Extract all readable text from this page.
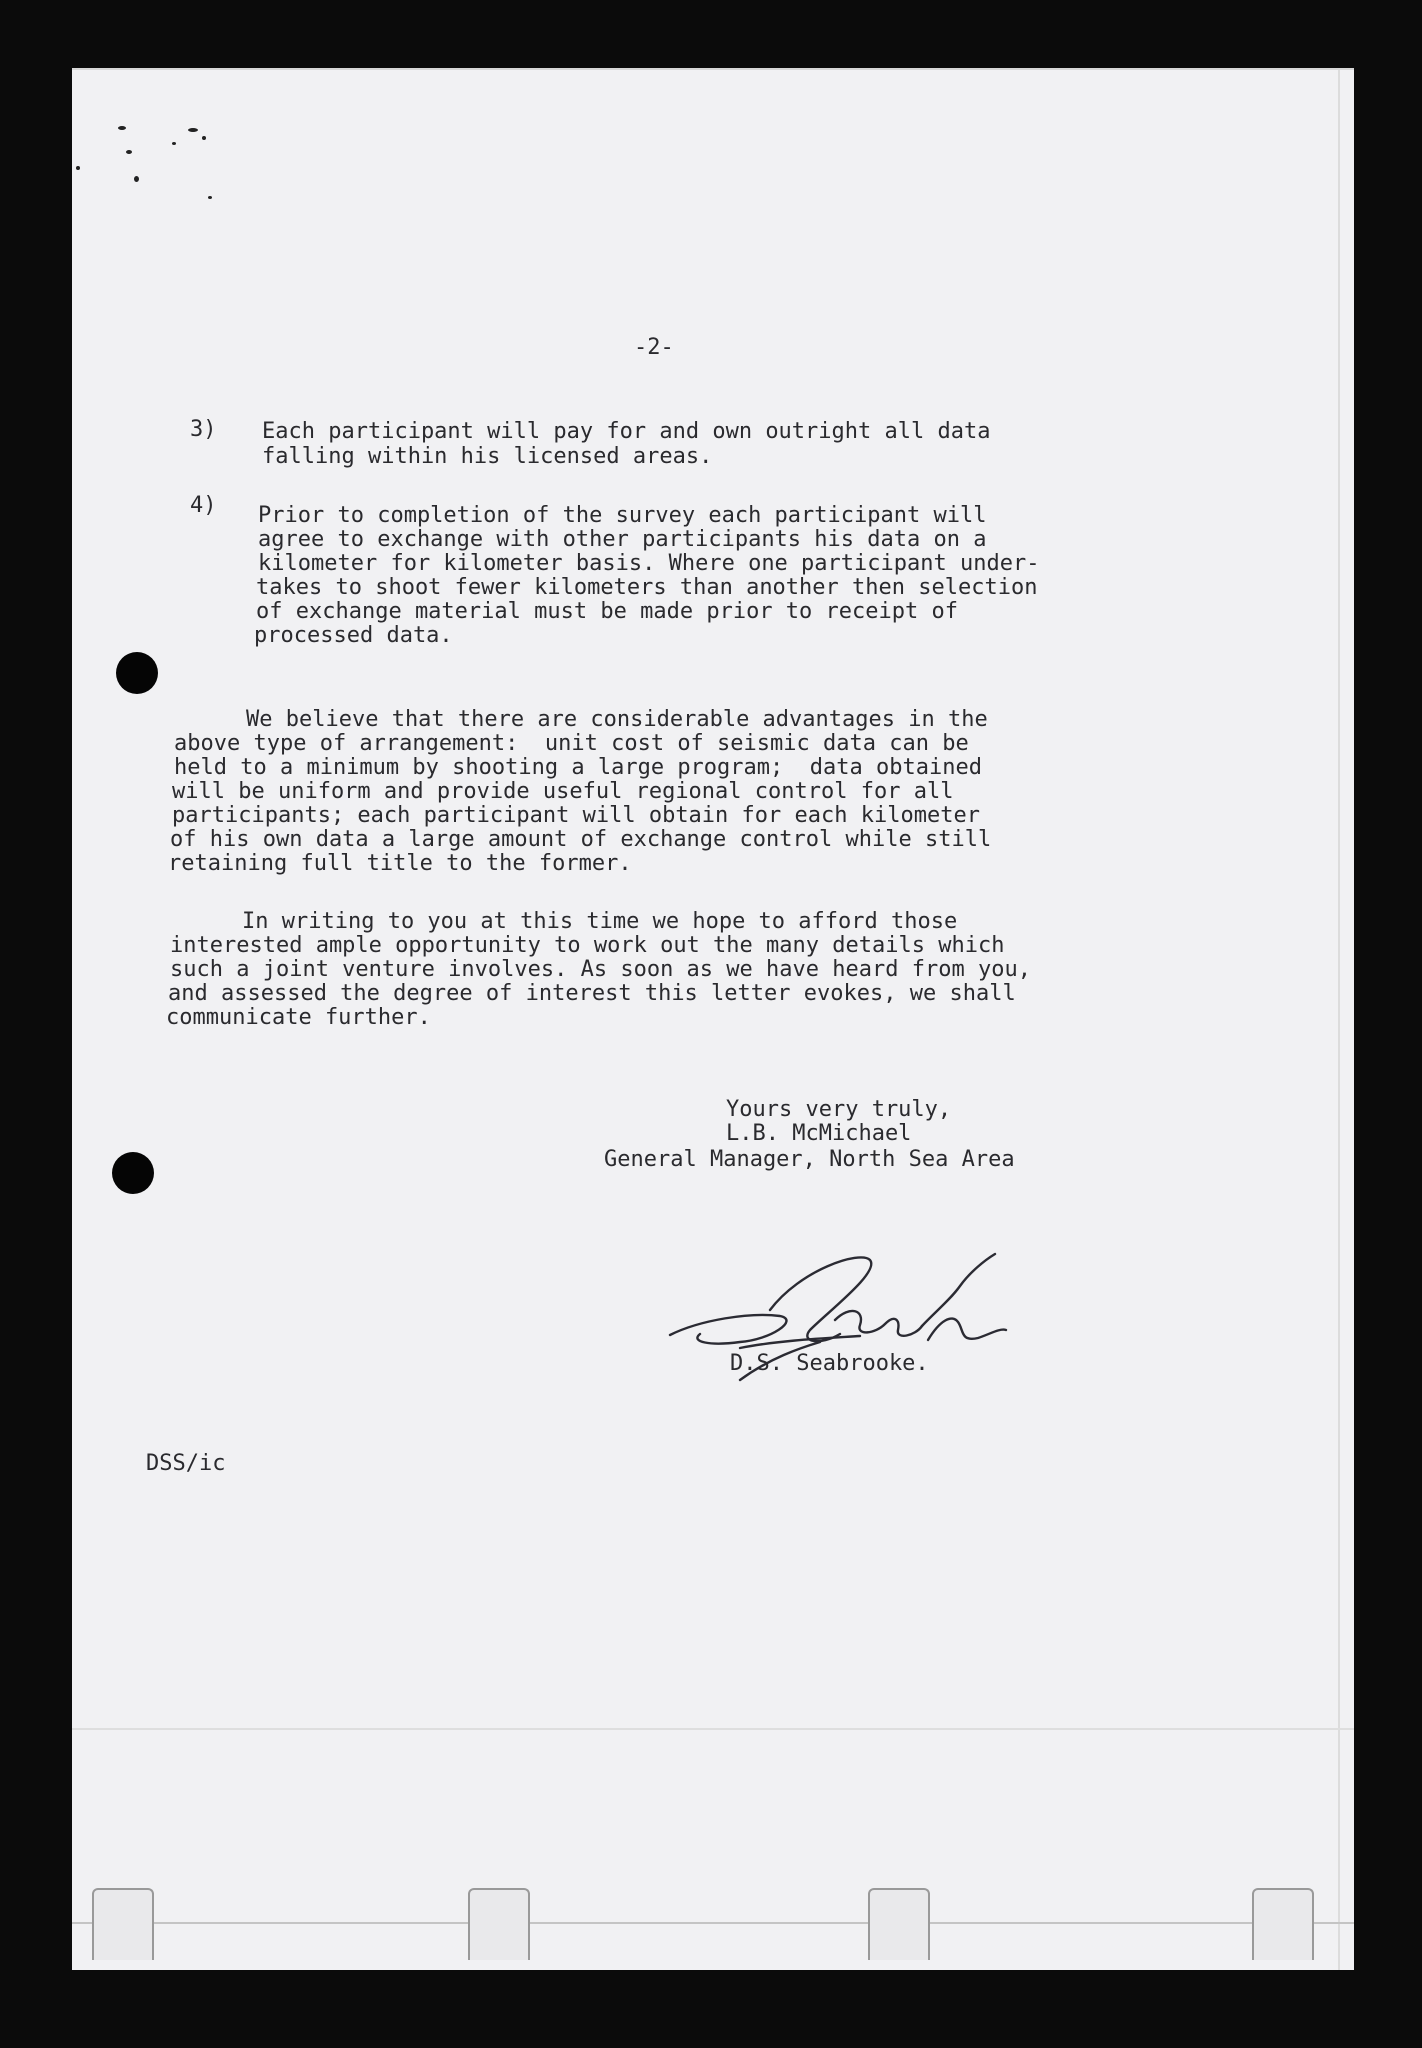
-2-

3) Each participant will pay for and own outright all data

falling within his licensed areas.

4) Prior to completion of the survey each participant will

agree to exchange with other participants his data on a

kilometer for kilometer basis. Where one participant under-

takes to shoot fewer kilometers than another then selection

of exchange material must be made prior to receipt of

processed data.

We believe that there are considerable advantages in the

above type of arrangement:  unit cost of seismic data can be

held to a minimum by shooting a large program;  data obtained

will be uniform and provide useful regional control for all

participants; each participant will obtain for each kilometer

of his own data a large amount of exchange control while still

retaining full title to the former.

In writing to you at this time we hope to afford those

interested ample opportunity to work out the many details which

such a joint venture involves. As soon as we have heard from you,

and assessed the degree of interest this letter evokes, we shall

communicate further.

Yours very truly,

L.B. McMichael

General Manager, North Sea Area

D.S. Seabrooke.

DSS/ic
